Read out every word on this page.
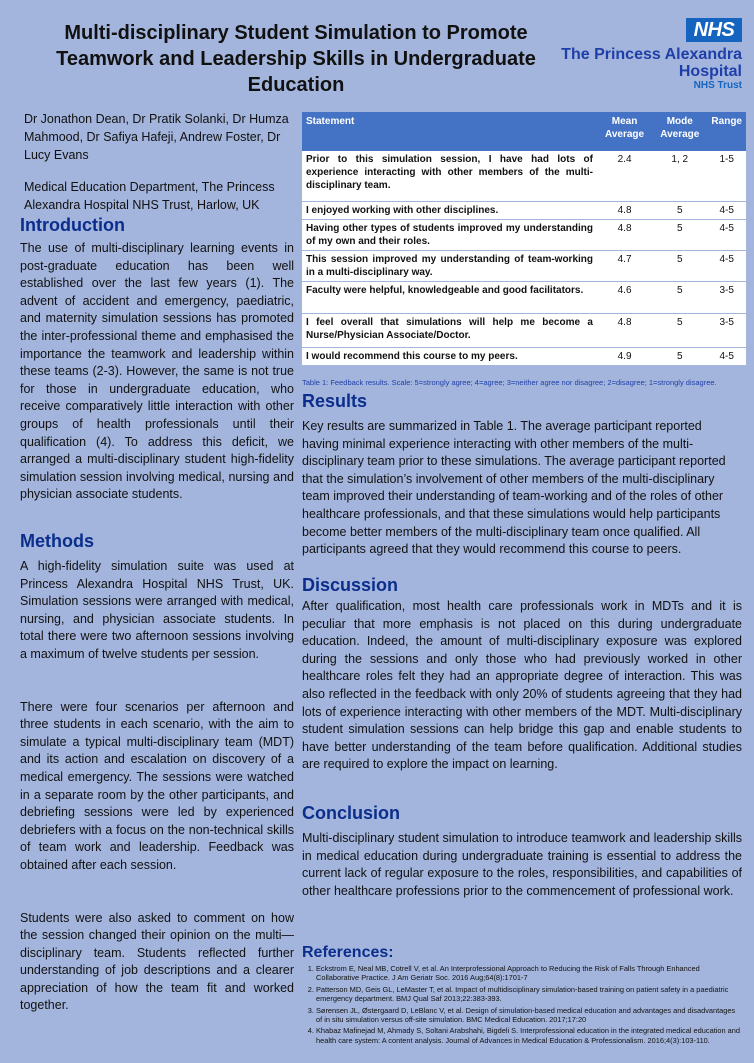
Multi-disciplinary Student Simulation to Promote Teamwork and Leadership Skills in Undergraduate Education
NHS
The Princess Alexandra
Hospital
NHS Trust
Dr Jonathon Dean, Dr Pratik Solanki, Dr Humza Mahmood, Dr Safiya Hafeji, Andrew Foster, Dr Lucy Evans
Medical Education Department, The Princess Alexandra Hospital NHS Trust, Harlow, UK
Introduction

The use of multi-disciplinary learning events in post-graduate education has been well established over the last few years (1). The advent of accident and emergency, paediatric, and maternity simulation sessions has promoted the inter-professional theme and emphasised the importance the teamwork and leadership within these teams (2-3). However, the same is not true for those in undergraduate education, who receive comparatively little interaction with other groups of health professionals until their qualification (4). To address this deficit, we arranged a multi-disciplinary student high-fidelity simulation session involving medical, nursing and physician associate students.

Methods

A high-fidelity simulation suite was used at Princess Alexandra Hospital NHS Trust, UK. Simulation sessions were arranged with medical, nursing, and physician associate students. In total there were two afternoon sessions involving a maximum of twelve students per session.

There were four scenarios per afternoon and three students in each scenario, with the aim to simulate a typical multi-disciplinary team (MDT) and its action and escalation on discovery of a medical emergency. The sessions were watched in a separate room by the other participants, and debriefing sessions were led by experienced debriefers with a focus on the non-technical skills of team work and leadership. Feedback was obtained after each session.

Students were also asked to comment on how the session changed their opinion on the multi—disciplinary team. Students reflected further understanding of job descriptions and a clearer appreciation of how the team fit and worked together.

Statement	Mean Average	Mode Average	Range
Prior to this simulation session, I have had lots of experience interacting with other members of the multi-disciplinary team.	2.4	1, 2	1-5
I enjoyed working with other disciplines.	4.8	5	4-5
Having other types of students improved my understanding of my own and their roles.	4.8	5	4-5
This session improved my understanding of team-working in a multi-disciplinary way.	4.7	5	4-5
Faculty were helpful, knowledgeable and good facilitators.	4.6	5	3-5
I feel overall that simulations will help me become a Nurse/Physician Associate/Doctor.	4.8	5	3-5
I would recommend this course to my peers.	4.9	5	4-5
Table 1: Feedback results. Scale: 5=strongly agree; 4=agree; 3=neither agree nor disagree; 2=disagree; 1=strongly disagree.
Results

Key results are summarized in Table 1. The average participant reported having minimal experience interacting with other members of the multi-disciplinary team prior to these simulations. The average participant reported that the simulation’s involvement of other members of the multi-disciplinary team improved their understanding of team-working and of the roles of other healthcare professionals, and that these simulations would help participants become better members of the multi-disciplinary team once qualified. All participants agreed that they would recommend this course to peers.

Discussion

After qualification, most health care professionals work in MDTs and it is peculiar that more emphasis is not placed on this during undergraduate education. Indeed, the amount of multi-disciplinary exposure was explored during the sessions and only those who had previously worked in other healthcare roles felt they had an appropriate degree of interaction. This was also reflected in the feedback with only 20% of students agreeing that they had lots of experience interacting with other members of the MDT. Multi-disciplinary student simulation sessions can help bridge this gap and enable students to have better understanding of the team before qualification. Additional studies are required to explore the impact on learning.

Conclusion

Multi-disciplinary student simulation to introduce teamwork and leadership skills in medical education during undergraduate training is essential to address the current lack of regular exposure to the roles, responsibilities, and capabilities of other healthcare professions prior to the commencement of professional work.

References:
1. Eckstrom E, Neal MB, Cotrell V, et al. An Interprofessional Approach to Reducing the Risk of Falls Through Enhanced Collaborative Practice. J Am Geriatr Soc. 2016 Aug;64(8):1701-7
2. Patterson MD, Geis GL, LeMaster T, et al. Impact of multidisciplinary simulation-based training on patient safety in a paediatric emergency department. BMJ Qual Saf 2013;22:383-393.
3. Sørensen JL, Østergaard D, LeBlanc V, et al. Design of simulation-based medical education and advantages and disadvantages of in situ simulation versus off-site simulation. BMC Medical Education. 2017;17:20
4. Khabaz Mafinejad M, Ahmady S, Soltani Arabshahi, Bigdeli S. Interprofessional education in the integrated medical education and health care system: A content analysis. Journal of Advances in Medical Education & Professionalism. 2016;4(3):103-110.
